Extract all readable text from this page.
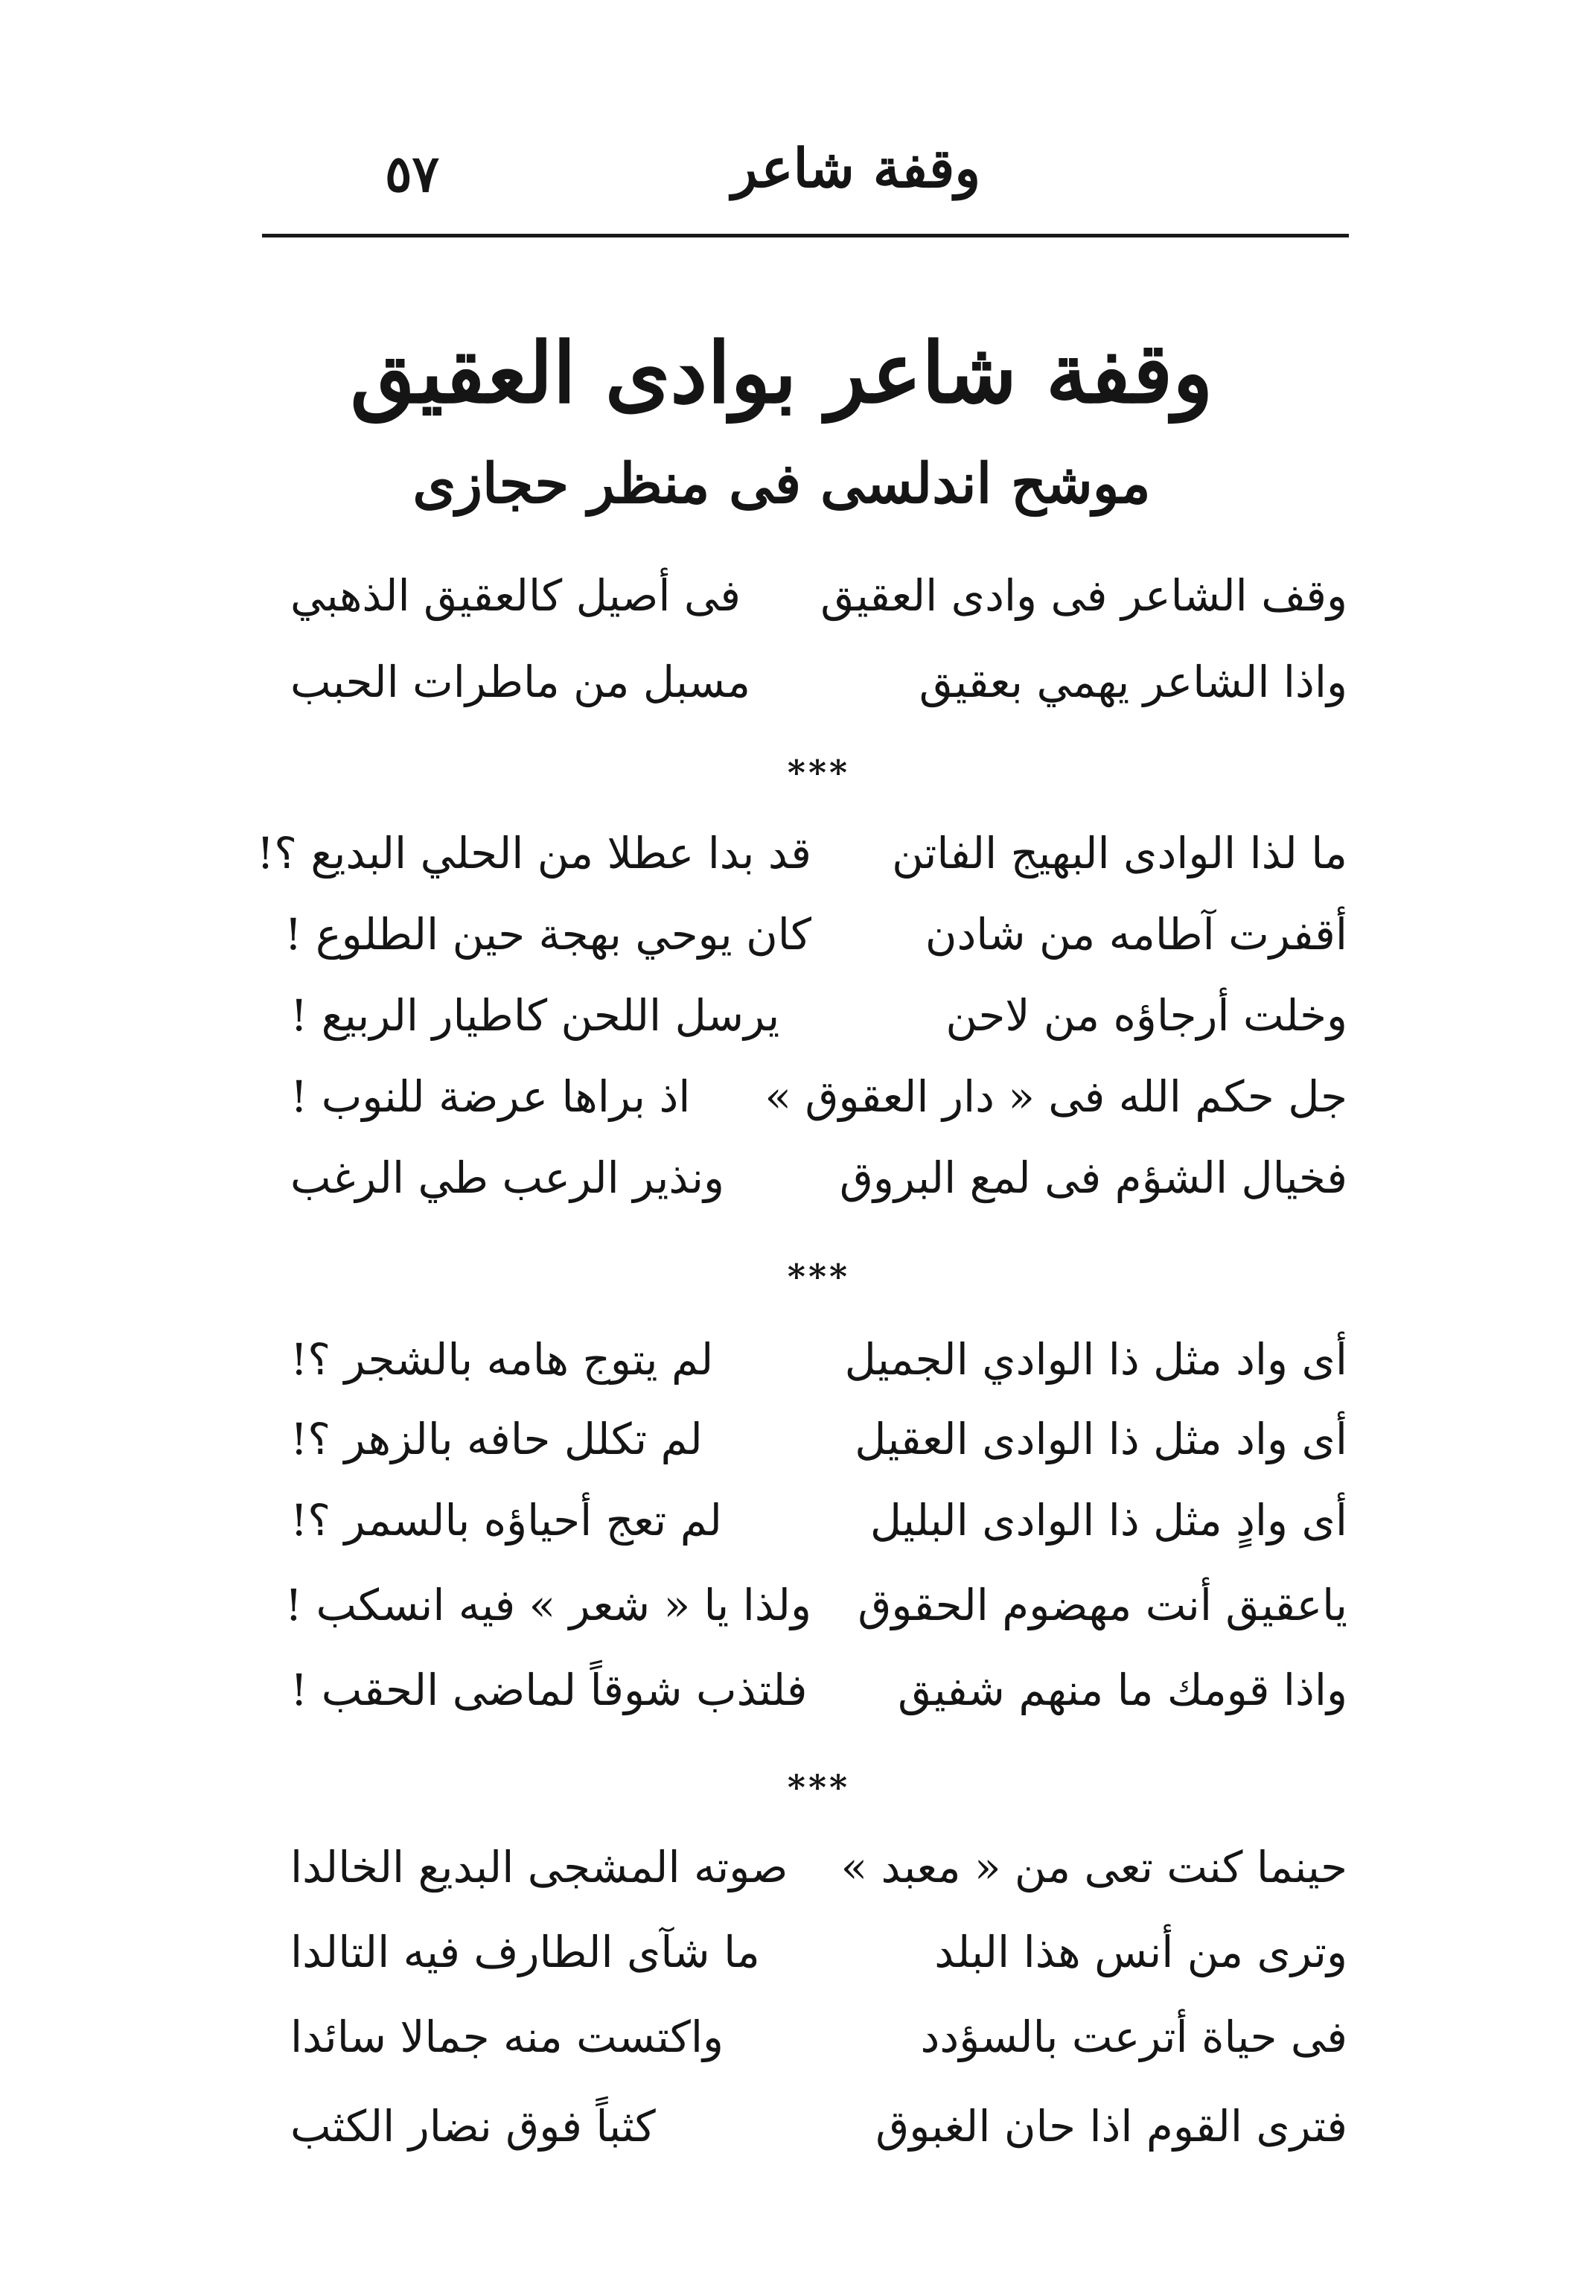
٥٧	وقفة شاعر
وقفة شاعر بوادى العقيق
موشح اندلسى فى منظر حجازى
وقف الشاعر فى وادى العقيق
فى أصيل كالعقيق الذهبي
واذا الشاعر يهمي بعقيق
مسبل من ماطرات الحبب
***
ما لذا الوادى البهيج الفاتن
قد بدا عطلا من الحلي البديع ؟!
أقفرت آطامه من شادن
كان يوحي بهجة حين الطلوع !
وخلت أرجاؤه من لاحن
يرسل اللحن كاطيار الربيع !
جل حكم الله فى « دار العقوق »
اذ براها عرضة للنوب !
فخيال الشؤم فى لمع البروق
ونذير الرعب طي الرغب
***
أى واد مثل ذا الوادي الجميل
لم يتوج هامه بالشجر ؟!
أى واد مثل ذا الوادى العقيل
لم تكلل حافه بالزهر ؟!
أى وادٍ مثل ذا الوادى البليل
لم تعج أحياؤه بالسمر ؟!
ياعقيق أنت مهضوم الحقوق
ولذا يا « شعر » فيه انسكب !
واذا قومك ما منهم شفيق
فلتذب شوقاً لماضى الحقب !
***
حينما كنت تعى من « معبد »
صوته المشجى البديع الخالدا
وترى من أنس هذا البلد
ما شآى الطارف فيه التالدا
فى حياة أترعت بالسؤدد
واكتست منه جمالا سائدا
فترى القوم اذا حان الغبوق
كثباً فوق نضار الكثب
